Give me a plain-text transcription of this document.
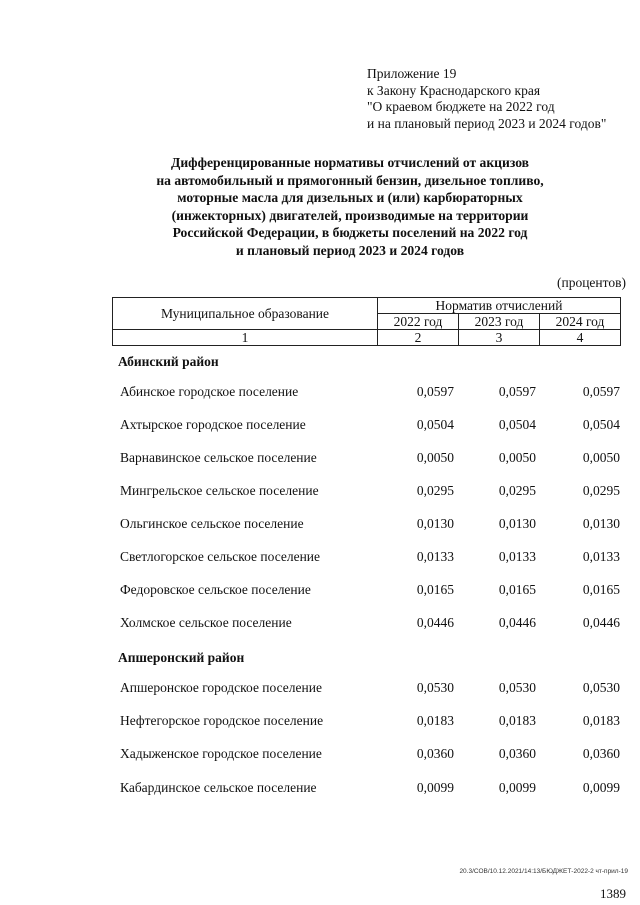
Приложение 19
к Закону Краснодарского края
"О краевом бюджете на 2022 год
и на плановый период 2023 и 2024 годов"
Дифференцированные нормативы отчислений от акцизов
на автомобильный и прямогонный бензин, дизельное топливо,
моторные масла для дизельных и (или) карбюраторных
(инжекторных) двигателей, производимые на территории
Российской Федерации, в бюджеты поселений на 2022 год
и плановый период 2023 и 2024 годов
(процентов)
Муниципальное образование	Норматив отчислений		
	2022 год	2023 год	2024 год
1	2	3	4
Абинский район
Абинское городское поселение	0,0597	0,0597	0,0597
Ахтырское городское поселение	0,0504	0,0504	0,0504
Варнавинское сельское поселение	0,0050	0,0050	0,0050
Мингрельское сельское поселение	0,0295	0,0295	0,0295
Ольгинское сельское поселение	0,0130	0,0130	0,0130
Светлогорское сельское поселение	0,0133	0,0133	0,0133
Федоровское сельское поселение	0,0165	0,0165	0,0165
Холмское сельское поселение	0,0446	0,0446	0,0446
Апшеронский район
Апшеронское городское поселение	0,0530	0,0530	0,0530
Нефтегорское городское поселение	0,0183	0,0183	0,0183
Хадыженское городское поселение	0,0360	0,0360	0,0360
Кабардинское сельское поселение	0,0099	0,0099	0,0099
20.3/СОВ/10.12.2021/14:13/БЮДЖЕТ-2022-2 чт-прил-19
1389
